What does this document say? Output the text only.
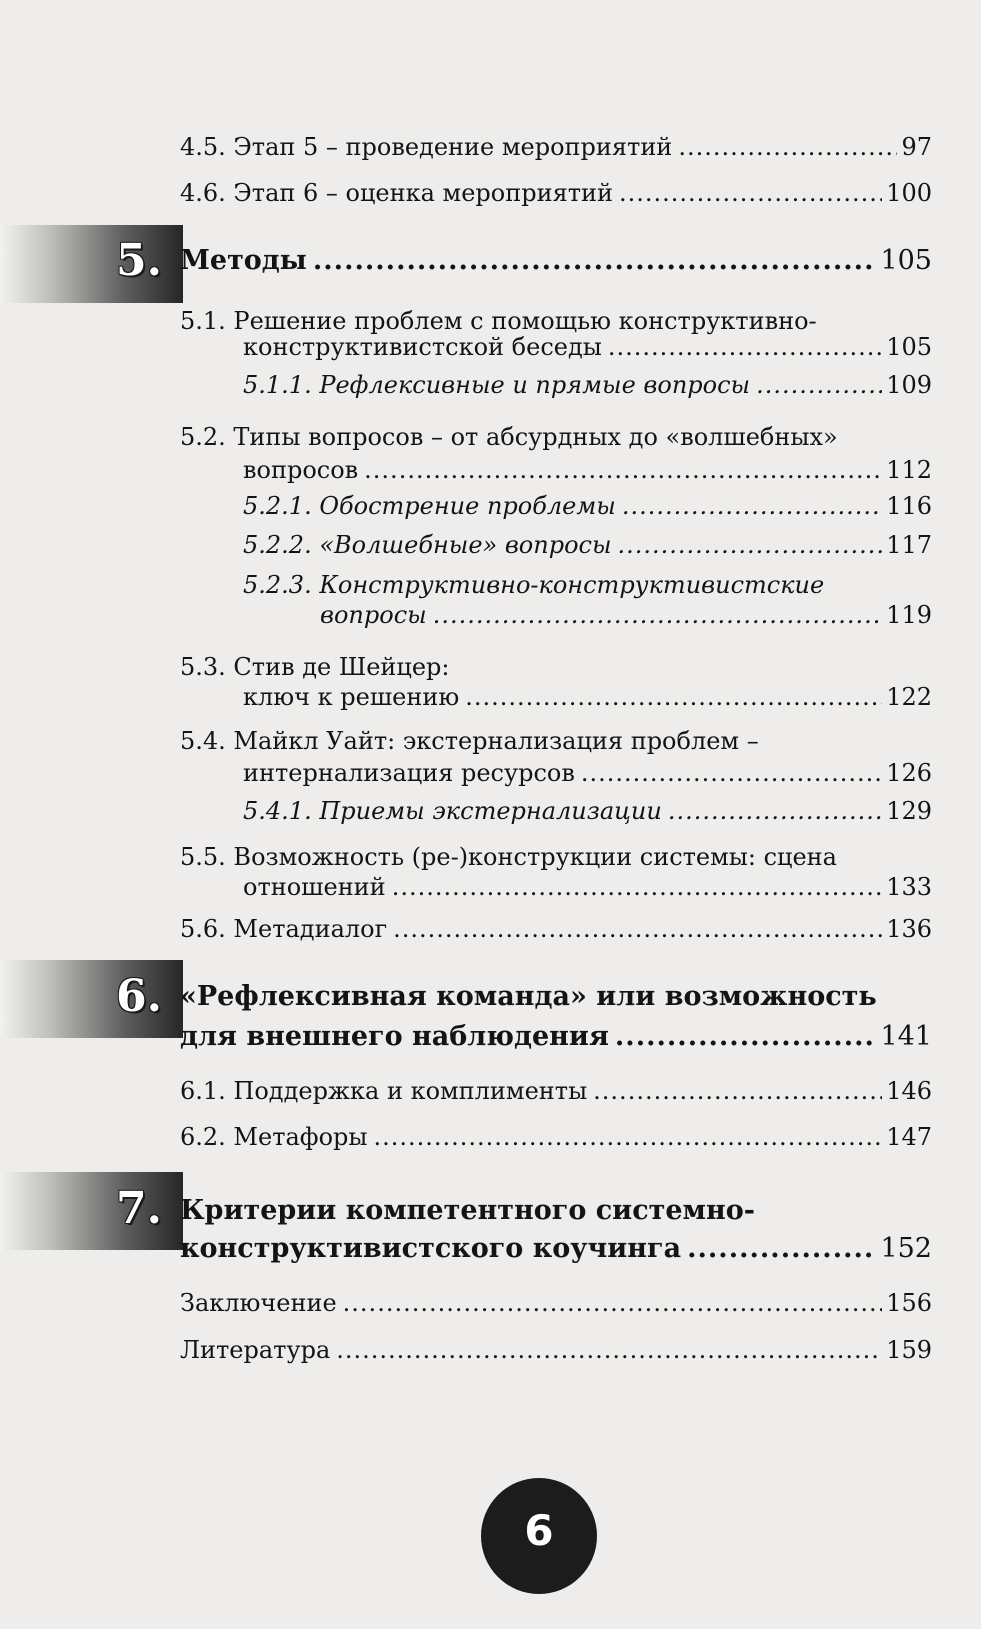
4.5. Этап 5 – проведение мероприятий .....	97
4.6. Этап 6 – оценка мероприятий .....	100
5. Методы .....	105
5.1. Решение проблем с помощью конструктивно-
конструктивистской беседы .....	105
5.1.1. Рефлексивные и прямые вопросы .....	109
5.2. Типы вопросов – от абсурдных до «волшебных»
вопросов .....	112
5.2.1. Обострение проблемы .....	116
5.2.2. «Волшебные» вопросы .....	117
5.2.3. Конструктивно-конструктивистские
вопросы .....	119
5.3. Стив де Шейцер:
ключ к решению .....	122
5.4. Майкл Уайт: экстернализация проблем –
интернализация ресурсов .....	126
5.4.1. Приемы экстернализации .....	129
5.5. Возможность (ре-)конструкции системы: сцена
отношений .....	133
5.6. Метадиалог .....	136
6. «Рефлексивная команда» или возможность
для внешнего наблюдения .....	141
6.1. Поддержка и комплименты .....	146
6.2. Метафоры .....	147
7. Критерии компетентного системно-
конструктивистского коучинга .....	152
Заключение .....	156
Литература .....	159
6
